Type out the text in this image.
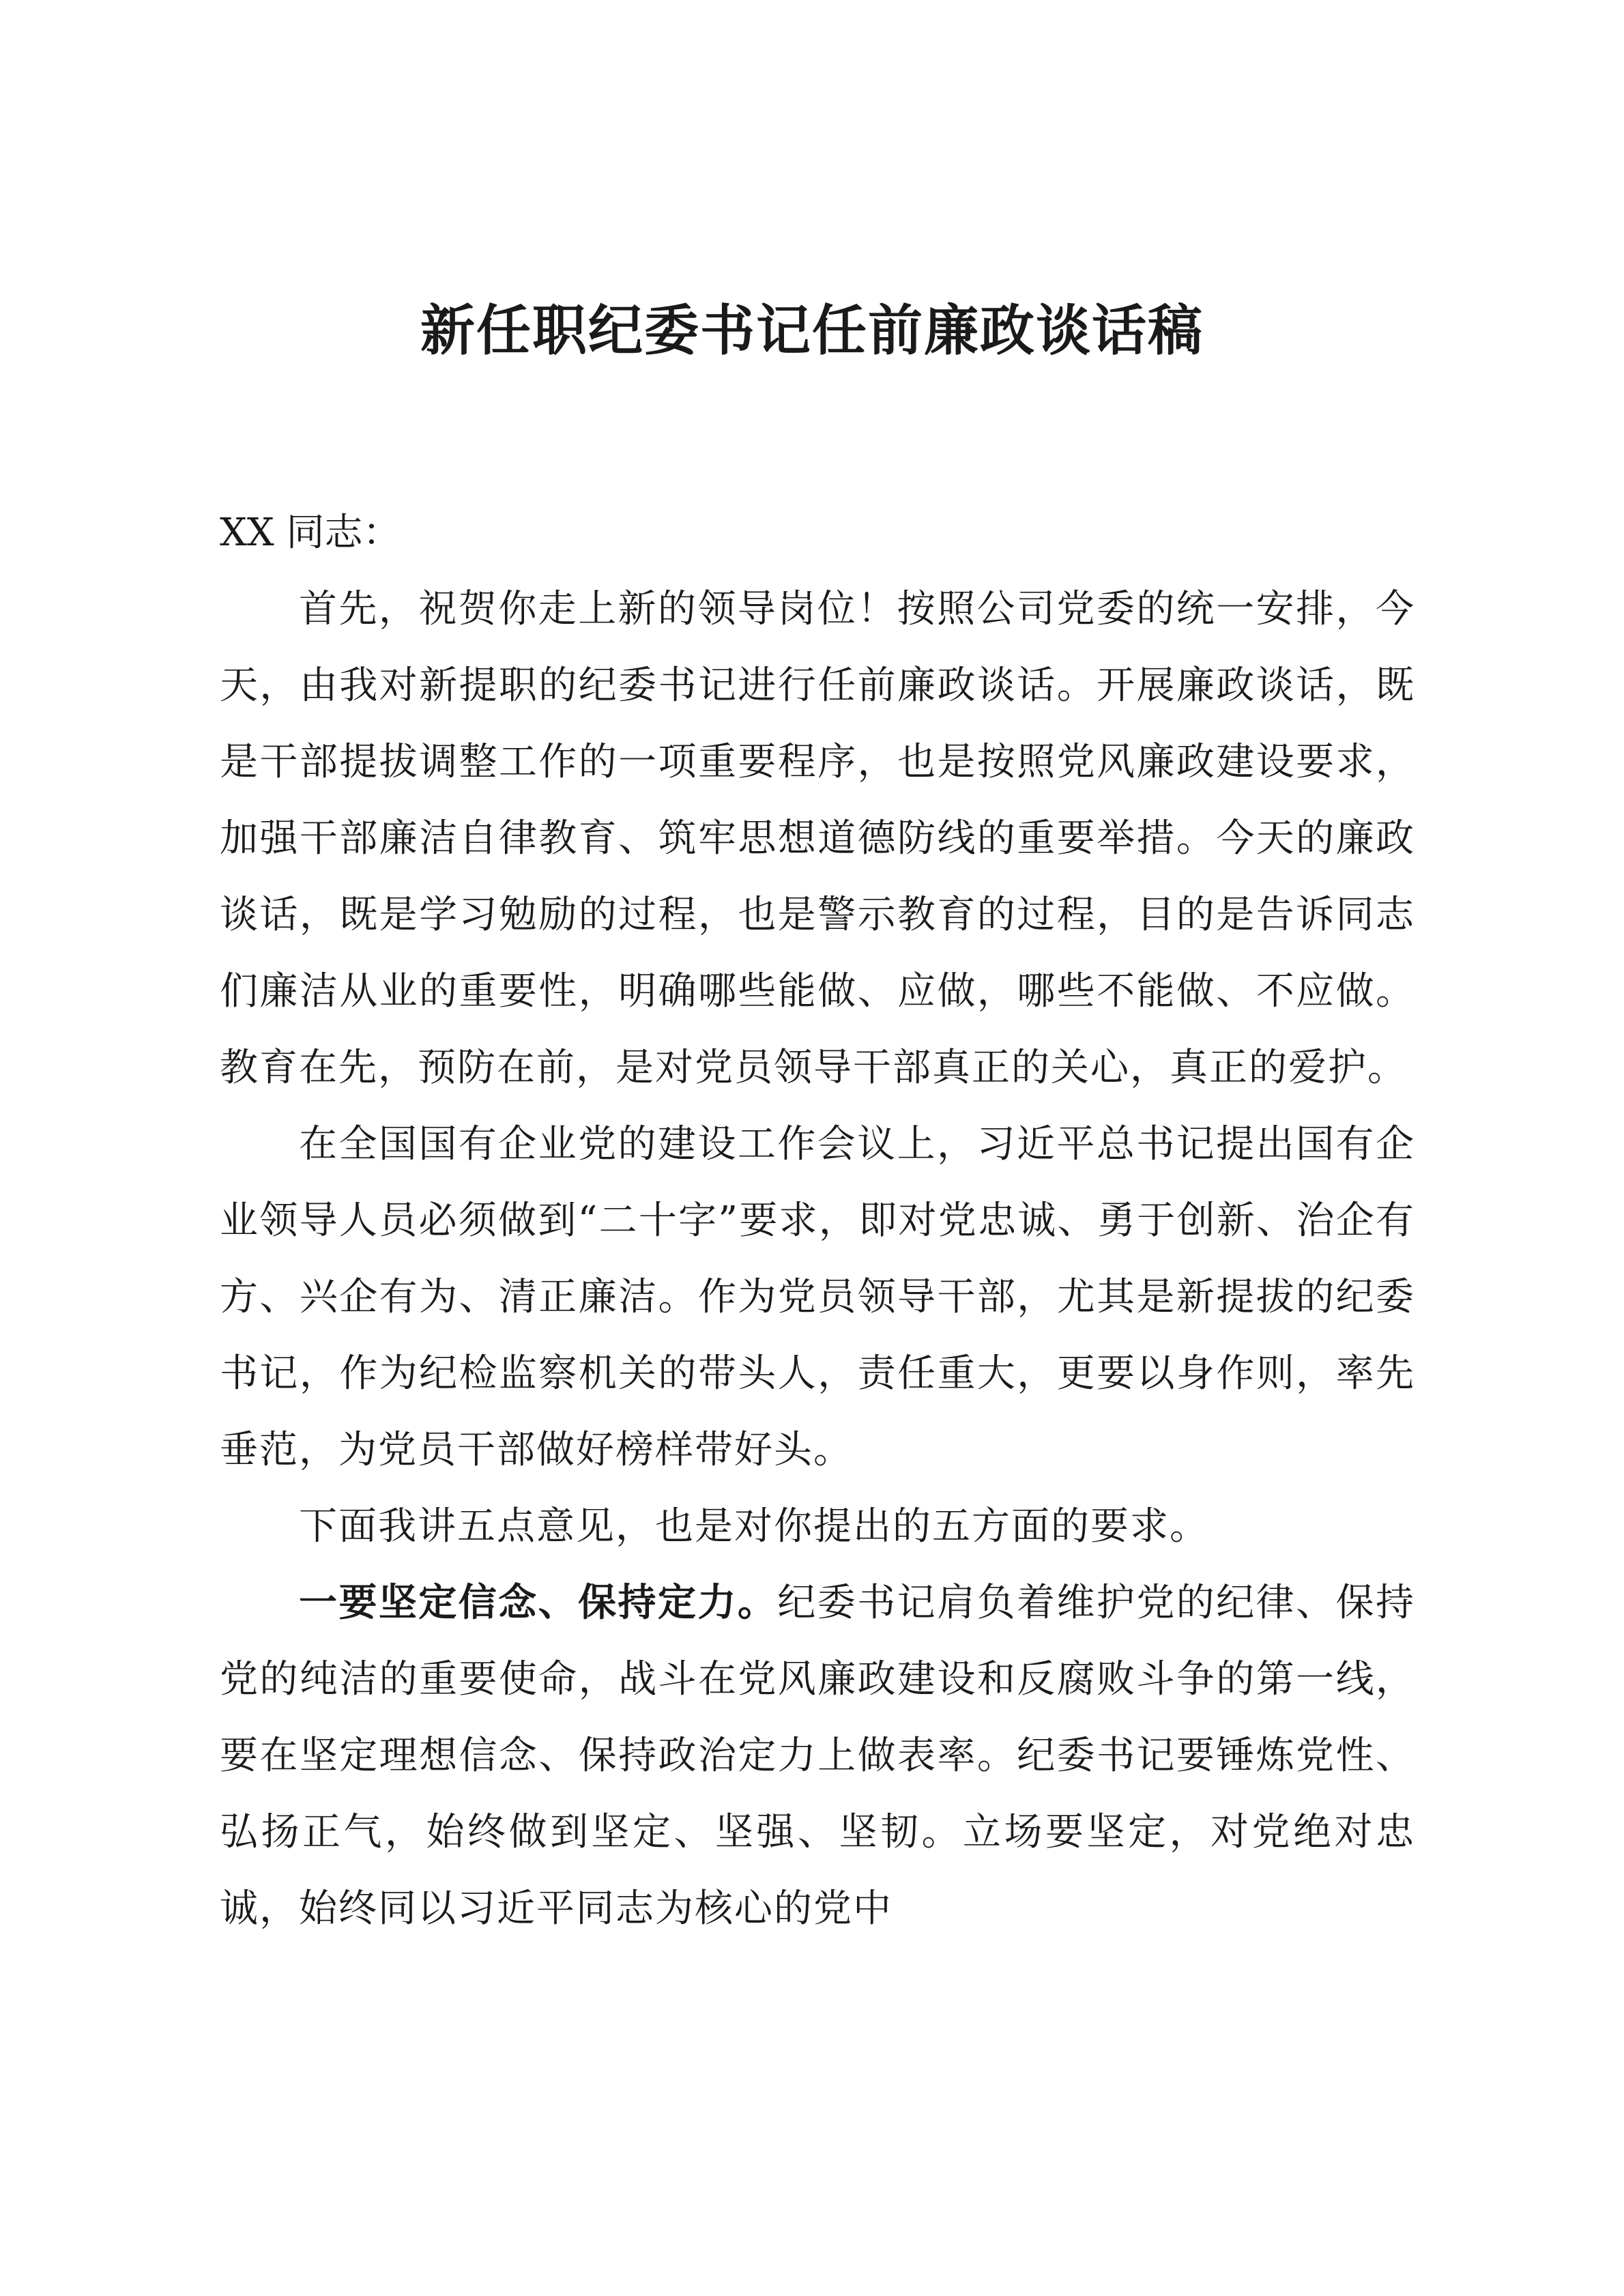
新任职纪委书记任前廉政谈话稿

XX 同志：

首先，祝贺你走上新的领导岗位！按照公司党委的统一安排，今天，由我对新提职的纪委书记进行任前廉政谈话。开展廉政谈话，既是干部提拔调整工作的一项重要程序，也是按照党风廉政建设要求，加强干部廉洁自律教育、筑牢思想道德防线的重要举措。今天的廉政谈话，既是学习勉励的过程，也是警示教育的过程，目的是告诉同志们廉洁从业的重要性，明确哪些能做、应做，哪些不能做、不应做。教育在先，预防在前，是对党员领导干部真正的关心，真正的爱护。

在全国国有企业党的建设工作会议上，习近平总书记提出国有企业领导人员必须做到“二十字”要求，即对党忠诚、勇于创新、治企有方、兴企有为、清正廉洁。作为党员领导干部，尤其是新提拔的纪委书记，作为纪检监察机关的带头人，责任重大，更要以身作则，率先垂范，为党员干部做好榜样带好头。

下面我讲五点意见，也是对你提出的五方面的要求。

一要坚定信念、保持定力。纪委书记肩负着维护党的纪律、保持党的纯洁的重要使命，战斗在党风廉政建设和反腐败斗争的第一线，要在坚定理想信念、保持政治定力上做表率。纪委书记要锤炼党性、弘扬正气，始终做到坚定、坚强、坚韧。立场要坚定，对党绝对忠诚，始终同以习近平同志为核心的党中
